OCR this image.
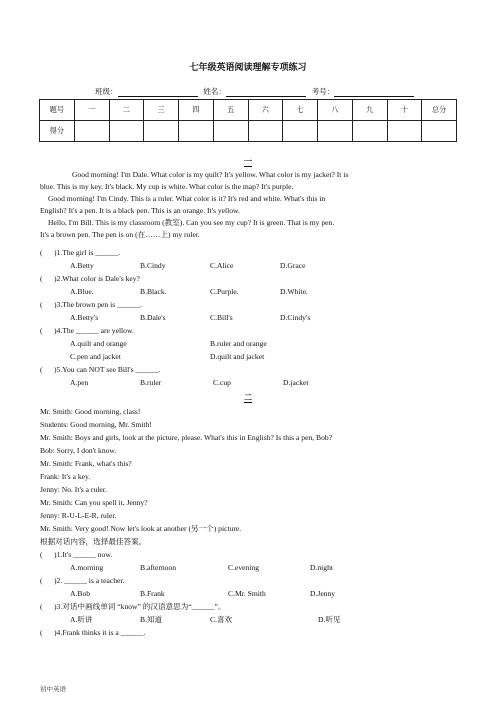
七年级英语阅读理解专项练习
班级：	姓名：	考号：
题号	一	二	三	四	五	六	七	八	九	十	总分
得分											
一
Good morning! I'm Dale. What color is my quilt? It's yellow. What color is my jacket? It is
blue. This is my key. It's black. My cup is white. What color is the map? It's purple.
Good morning! I'm Cindy. This is a ruler. What color is it? It's red and white. What's this in
English? It's a pen. It is a black pen. This is an orange. It's yellow.
Hello, I'm Bill. This is my classroom (教室). Can you see my cup? It is green. That is my pen.
It's a brown pen. The pen is on (在……上) my ruler.
( )1.The girl is ______.
A.Betty	B.Cindy	C.Alice	D.Grace
( )2.What color is Dale's key?
A.Blue.	B.Black.	C.Purple.	D.White.
( )3.The brown pen is ______.
A.Betty's	B.Dale's	C.Bill's	D.Cindy's
( )4.The ______ are yellow.
A.quilt and orange	B.ruler and orange
C.pen and jacket	D.quilt and jacket
( )5.You can NOT see Bill's ______.
A.pen	B.ruler	C.cup	D.jacket
二
Mr. Smith: Good morning, class!
Students: Good morning, Mr. Smith!
Mr. Smith: Boys and girls, look at the picture, please. What's this in English? Is this a pen, Bob?
Bob: Sorry, I don't know.
Mr. Smith: Frank, what's this?
Frank: It's a key.
Jenny: No. It's a ruler.
Mr. Smith: Can you spell it, Jenny?
Jenny: R-U-L-E-R, ruler.
Mr. Smith: Very good! Now let's look at another (另一个) picture.
根据对话内容，选择最佳答案。
( )1.It's ______ now.
A.morning	B.afternoon	C.evening	D.night
( )2. ______ is a teacher.
A.Bob	B.Frank	C.Mr. Smith	D.Jenny
( )3.对话中画线单词 “know” 的汉语意思为“______”。
A.听讲	B.知道	C.喜欢	D.听见
( )4.Frank thinks it is a ______.
初中英语
